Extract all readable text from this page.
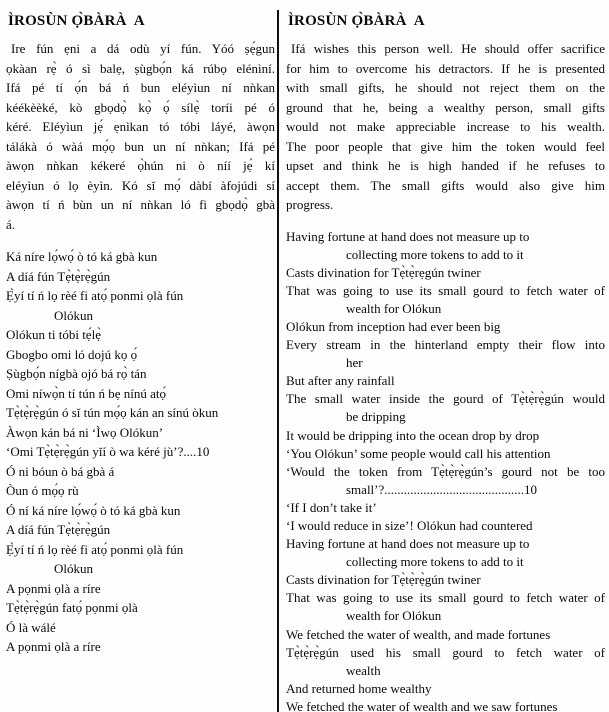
ÌROSÙN Ọ̀BÀRÀ  A
Ire fún ẹni a dá odù yí fún. Yóó ṣẹ́gun
ọkàan rẹ̀ ó sì balẹ, ṣùgbọ́n ká rúbọ elénìní.
Ifá pé tí ọ́n bá ń bun eléyìun ní nǹkan
kéékèèké, kò gbọdọ̀ kọ̀ ọ́ sílẹ̀ toríi pé ó
kéré. Eléyìun jẹ́ ẹnìkan tó tóbi láyé, àwọn
tálákà ó wàá mọ́ọ bun un ní nǹkan; Ifá pé
àwọn nǹkan kékeré ọ̀hún ni ò níí jẹ́ kí
eléyìun ó lọ èyìn. Kó sǐ mọ́ dàbí àfojúdi sí
àwọn tí ń bùn un ní nǹkan ló fi gbọdọ̀ gbà
á.
Ká níre lọ́wọ́ ò tó ká gbà kun
A díá fún Tẹ̀tẹ̀rẹ̀gún
Ẹ̀yí tí ń lọ rèé fi atọ́ ponmi ọlà fún
Olókun
Olókun ti tóbi tẹ́lẹ̀
Gbogbo omi ló dojú kọ ọ́
Ṣùgbọ́n nígbà ojó bá rọ̀ tán
Omi níwọ̀n tí tún ń bẹ nínú atọ́
Tẹ̀tẹ̀rẹ̀gún ó sǐ tún mọ́ọ kán an sínú òkun
Àwọn kán bá ni ‘Ìwọ Olókun’
‘Omi Tẹ̀tẹ̀rẹ̀gún yǐí ò wa kéré jù’?....10
Ó ni bóun ò bá gbà á
Òun ó mọ́ọ rù
Ó ní ká níre lọ́wọ́ ò tó ká gbà kun
A díá fún Tẹ̀tẹ̀rẹ̀gún
Ẹ̀yí tí ń lọ rèé fi atọ́ ponmi ọlà fún
Olókun
A pọnmi ọlà a ríre
Tẹ̀tẹ̀rẹ̀gún fatọ́ pọnmi ọlà
Ó là wálé
A pọnmi ọlà a ríre
ÌROSÙN Ọ̀BÀRÀ  A
Ifá wishes this person well. He should offer sacrifice
for him to overcome his detractors. If he is presented
with small gifts, he should not reject them on the
ground that he, being a wealthy person, small gifts
would not make appreciable increase to his wealth.
The poor people that give him the token would feel
upset and think he is high handed if he refuses to
accept them. The small gifts would also give him
progress.
Having fortune at hand does not measure up to
collecting more tokens to add to it
Casts divination for Tẹ̀tẹ̀rẹgún twiner
That was going to use its small gourd to fetch water of
wealth for Olókun
Olókun from inception had ever been big
Every stream in the hinterland empty their flow into
her
But after any rainfall
The small water inside the gourd of Tẹ̀tẹ̀rẹ̀gún would
be dripping
It would be dripping into the ocean drop by drop
‘You Olókun’ some people would call his attention
‘Would the token from Tẹ̀tẹ̀rẹ̀gún’s gourd not be too
small’?...........................................10
‘If I don’t take it’
‘I would reduce in size’! Olókun had countered
Having fortune at hand does not measure up to
collecting more tokens to add to it
Casts divination for Tẹ̀tẹ̀rẹ̀gún twiner
That was going to use its small gourd to fetch water of
wealth for Olókun
We fetched the water of wealth, and made fortunes
Tẹ̀tẹ̀rẹ̀gún used his small gourd to fetch water of
wealth
And returned home wealthy
We fetched the water of wealth and we saw fortunes
